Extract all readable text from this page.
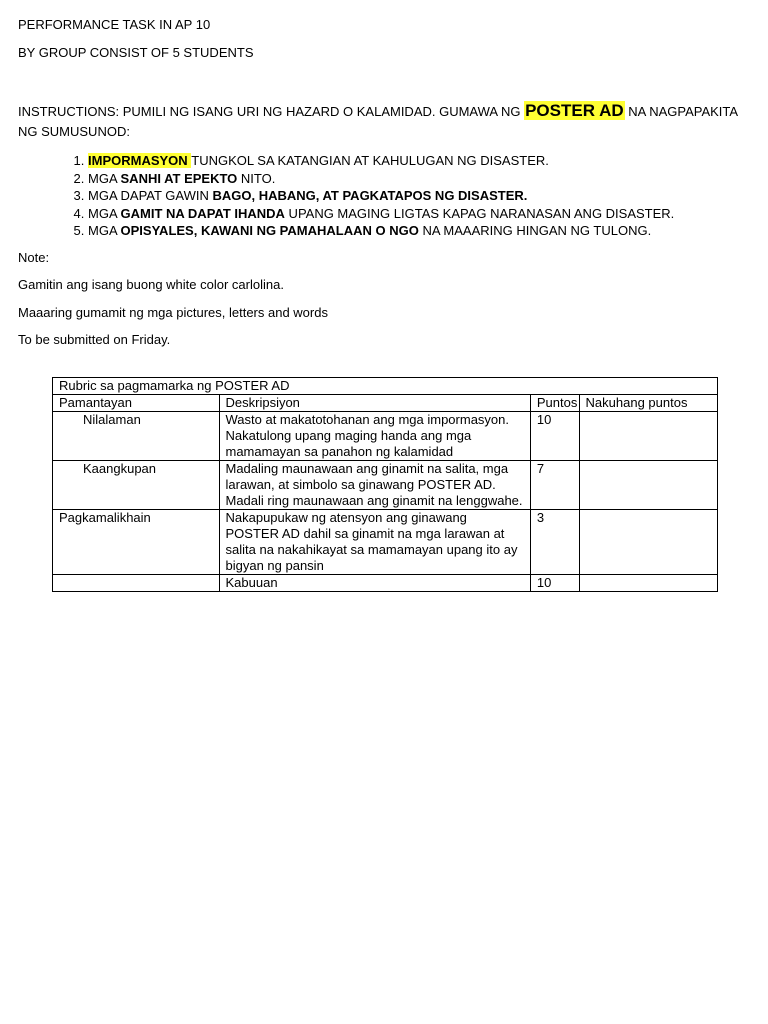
PERFORMANCE TASK IN AP 10
BY GROUP CONSIST OF 5 STUDENTS
INSTRUCTIONS: PUMILI NG ISANG URI NG HAZARD O KALAMIDAD. GUMAWA NG POSTER AD NA NAGPAPAKITA NG SUMUSUNOD:
1. IMPORMASYON TUNGKOL SA KATANGIAN AT KAHULUGAN NG DISASTER.
2. MGA SANHI AT EPEKTO NITO.
3. MGA DAPAT GAWIN BAGO, HABANG, AT PAGKATAPOS NG DISASTER.
4. MGA GAMIT NA DAPAT IHANDA UPANG MAGING LIGTAS KAPAG NARANASAN ANG DISASTER.
5. MGA OPISYALES, KAWANI NG PAMAHALAAN O NGO NA MAAARING HINGAN NG TULONG.
Note:
Gamitin ang isang buong white color carlolina.
Maaaring gumamit ng mga pictures, letters and words
To be submitted on Friday.
Rubric sa pagmamarka ng POSTER AD			
Pamantayan	Deskripsiyon	Puntos	Nakuhang puntos
Nilalaman	Wasto at makatotohanan ang mga impormasyon. Nakatulong upang maging handa ang mga mamamayan sa panahon ng kalamidad	10	
Kaangkupan	Madaling maunawaan ang ginamit na salita, mga larawan, at simbolo sa ginawang POSTER AD. Madali ring maunawaan ang ginamit na lenggwahe.	7	
Pagkamalikhain	Nakapupukaw ng atensyon ang ginawang POSTER AD dahil sa ginamit na mga larawan at salita na nakahikayat sa mamamayan upang ito ay bigyan ng pansin	3	
	Kabuuan	10	
